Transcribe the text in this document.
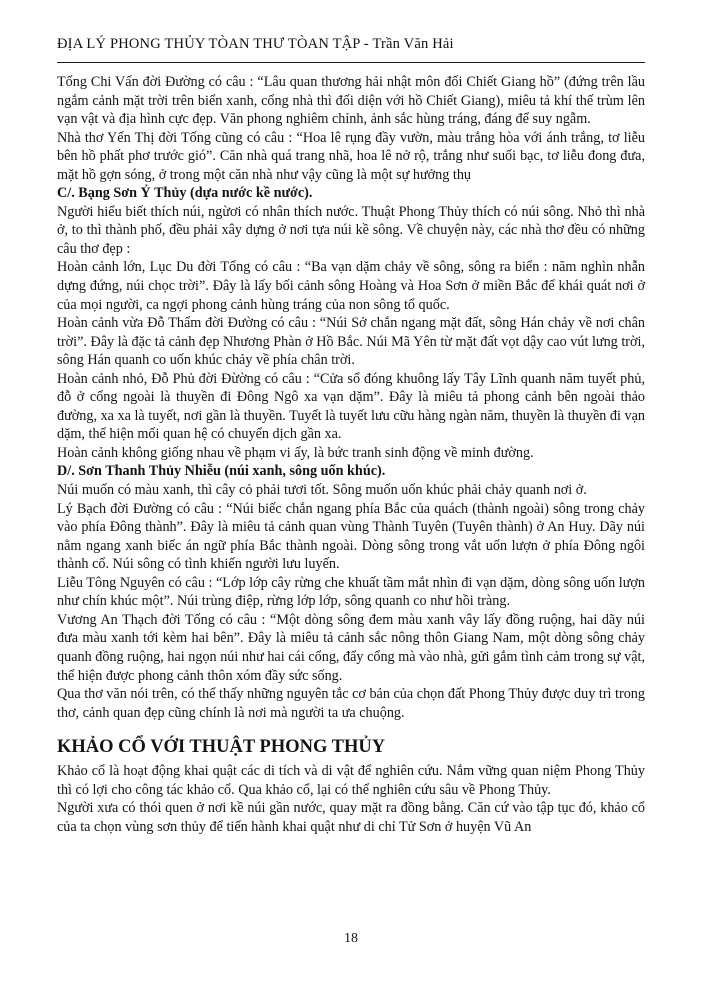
ĐỊA LÝ PHONG THỦY TÒAN THƯ TÒAN TẬP - Trần Văn Hải

Tống Chi Vấn đời Đường có câu : “Lâu quan thương hải nhật môn đối Chiết Giang hồ” (đứng trên lầu ngắm cảnh mặt trời trên biển xanh, cổng nhà thì đối diện với hồ Chiết Giang), miêu tả khí thế trùm lên vạn vật và địa hình cực đẹp. Văn phong nghiêm chỉnh, ảnh sắc hùng tráng, đáng để suy ngẫm.

Nhà thơ Yến Thị đời Tống cũng có câu : “Hoa lê rụng đầy vườn, màu trắng hòa với ánh trắng, tơ liễu bên hồ phất phơ trước gió”. Căn nhà quá trang nhã, hoa lê nở rộ, trắng như suối bạc, tơ liễu đong đưa, mặt hồ gợn sóng, ở trong một căn nhà như vậy cũng là một sự hưởng thụ

C/. Bạng Sơn Ỷ Thủy (dựa nước kề nước).

Người hiểu biết thích núi, ngừơi có nhân thích nước. Thuật Phong Thủy thích có núi sông. Nhỏ thì nhà ở, to thì thành phố, đều phải xây dựng ở nơi tựa núi kề sông. Về chuyện này, các nhà thơ đều có những câu thơ đẹp :

Hoàn cảnh lớn, Lục Du đời Tống có câu : “Ba vạn dặm chảy về sông, sông ra biển : năm nghìn nhẫn dựng đứng, núi chọc trời”. Đây là lấy bối cảnh sông Hoàng và Hoa Sơn ở miền Bắc để khái quát nơi ở của mọi người, ca ngợi phong cảnh hùng tráng của non sông tổ quốc.

Hoàn cảnh vừa Đỗ Thẩm đời Đường có câu : “Núi Sở chắn ngang mặt đất, sông Hán chảy về nơi chân trời”. Đây là đặc tả cảnh đẹp Nhương Phàn ở Hồ Bắc. Núi Mã Yên từ mặt đất vọt dậy cao vút lưng trời, sông Hán quanh co uốn khúc chảy về phía chân trời.

Hoàn cảnh nhỏ, Đỗ Phủ đời Đừờng có câu : “Cửa sổ đóng khuông lấy Tây Lĩnh quanh năm tuyết phủ, đỗ ở cổng ngoài là thuyền đi Đông Ngô xa vạn dặm”. Đây là miêu tả phong cảnh bên ngoài thảo đường, xa xa là tuyết, nơi gần là thuyền. Tuyết là tuyết lưu cữu hàng ngàn năm, thuyền là thuyền đi vạn dặm, thể hiện mối quan hệ có chuyển dịch gần xa.

Hoàn cảnh không giống nhau về phạm vi ấy, là bức tranh sinh động về minh đường.

D/. Sơn Thanh Thủy Nhiễu (núi xanh, sông uốn khúc).

Núi muốn có màu xanh, thì cây cỏ phải tươi tốt. Sông muốn uốn khúc phải chảy quanh nơi ở.

Lý Bạch đời Đường có câu : “Núi biếc chắn ngang phía Bắc của quách (thành ngoài) sông trong chảy vào phía Đông thành”. Đây là miêu tả cảnh quan vùng Thành Tuyên (Tuyên thành) ở An Huy. Dãy núi nằm ngang xanh biếc án ngữ phía Bắc thành ngoài. Dòng sông trong vắt uốn lượn ở phía Đông ngôi thành cổ. Núi sông có tình khiến người lưu luyến.

Liễu Tông Nguyên có câu : “Lớp lớp cây rừng che khuất tầm mắt nhìn đi vạn dặm, dòng sông uốn lượn như chín khúc một”. Núi trùng điệp, rừng lớp lớp, sông quanh co như hồi tràng.

Vương An Thạch đời Tống có câu : “Một dòng sông đem màu xanh vây lấy đồng ruộng, hai dãy núi đưa màu xanh tới kèm hai bên”. Đây là miêu tả cảnh sắc nông thôn Giang Nam, một dòng sông chảy quanh đồng ruộng, hai ngọn núi như hai cái cổng, đẩy cổng mà vào nhà, gửi gắm tình cảm trong sự vật, thể hiện được phong cảnh thôn xóm đầy sức sống.

Qua thơ văn nói trên, có thể thấy những nguyên tắc cơ bản của chọn đất Phong Thủy được duy trì trong thơ, cảnh quan đẹp cũng chính là nơi mà người ta ưa chuộng.

KHẢO CỔ VỚI THUẬT PHONG THỦY

Khảo cổ là hoạt động khai quật các di tích và di vật để nghiên cứu. Nắm vững quan niệm Phong Thủy thì có lợi cho công tác khảo cổ. Qua khảo cổ, lại có thể nghiên cứu sâu về Phong Thủy.

Người xưa có thói quen ở nơi kề núi gần nước, quay mặt ra đồng bằng. Căn cứ vào tập tục đó, khảo cổ của ta chọn vùng sơn thủy để tiến hành khai quật như di chỉ Tử Sơn ở huyện Vũ An

18
